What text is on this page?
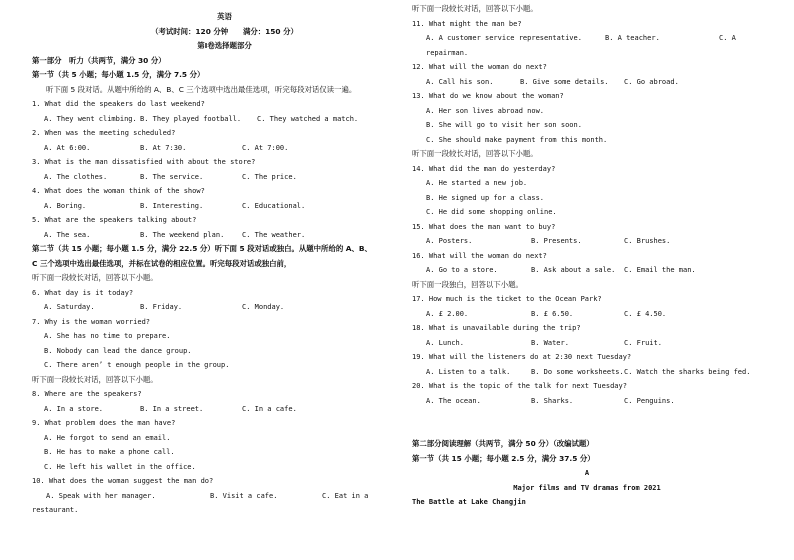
英语
（考试时间：120 分钟　　满分：150 分）
第Ⅰ卷选择题部分
第一部分　听力（共两节，满分 30 分）
第一节（共 5 小题；每小题 1.5 分，满分 7.5 分）
听下面 5 段对话。从题中所给的 A、B、C 三个选项中选出最佳选项，听完每段对话仅读一遍。
1. What did the speakers do last weekend?
A. They went climbing. B. They played football. C. They watched a match.
2. When was the meeting scheduled?
A. At 6:00.	B. At 7:30.	C. At 7:00.
3. What is the man dissatisfied with about the store?
A. The clothes.	B. The service.	C. The price.
4. What does the woman think of the show?
A. Boring.	B. Interesting.	C. Educational.
5. What are the speakers talking about?
A. The sea.	B. The weekend plan.	C. The weather.
第二节（共 15 小题；每小题 1.5 分，满分 22.5 分）听下面 5 段对话或独白。从题中所给的 A、B、
C 三个选项中选出最佳选项，并标在试卷的相应位置。听完每段对话或独白前，
听下面一段较长对话，回答以下小题。
6. What day is it today?
A. Saturday.	B. Friday.	C. Monday.
7. Why is the woman worried?
A. She has no time to prepare.
B. Nobody can lead the dance group.
C. There aren’ t enough people in the group.
听下面一段较长对话，回答以下小题。
8. Where are the speakers?
A. In a store.	B. In a street.	C. In a cafe.
9. What problem does the man have?
A. He forgot to send an email.
B. He has to make a phone call.
C. He left his wallet in the office.
10. What does the woman suggest the man do?
A. Speak with her manager.	B. Visit a cafe.	C. Eat in a
restaurant.
听下面一段较长对话，回答以下小题。
11. What might the man be?
A. A customer service representative.	B. A teacher.	C. A
repairman.
12. What will the woman do next?
A. Call his son.	B. Give some details. C. Go abroad.
13. What do we know about the woman?
A. Her son lives abroad now.
B. She will go to visit her son soon.
C. She should make payment from this month.
听下面一段较长对话，回答以下小题。
14. What did the man do yesterday?
A. He started a new job.
B. He signed up for a class.
C. He did some shopping online.
15. What does the man want to buy?
A. Posters.	B. Presents.	C. Brushes.
16. What will the woman do next?
A. Go to a store.	B. Ask about a sale. C. Email the man.
听下面一段独白，回答以下小题。
17. How much is the ticket to the Ocean Park?
A. £ 2.00.	B. £ 6.50.	C. £ 4.50.
18. What is unavailable during the trip?
A. Lunch.	B. Water.	C. Fruit.
19. What will the listeners do at 2:30 next Tuesday?
A. Listen to a talk.	B. Do some worksheets. C. Watch the sharks being fed.
20. What is the topic of the talk for next Tuesday?
A. The ocean.	B. Sharks.	C. Penguins.
第二部分阅读理解（共两节，满分 50 分）（改编试题）
第一节（共 15 小题；每小题 2.5 分，满分 37.5 分）
A
Major films and TV dramas from 2021
The Battle at Lake Changjin
